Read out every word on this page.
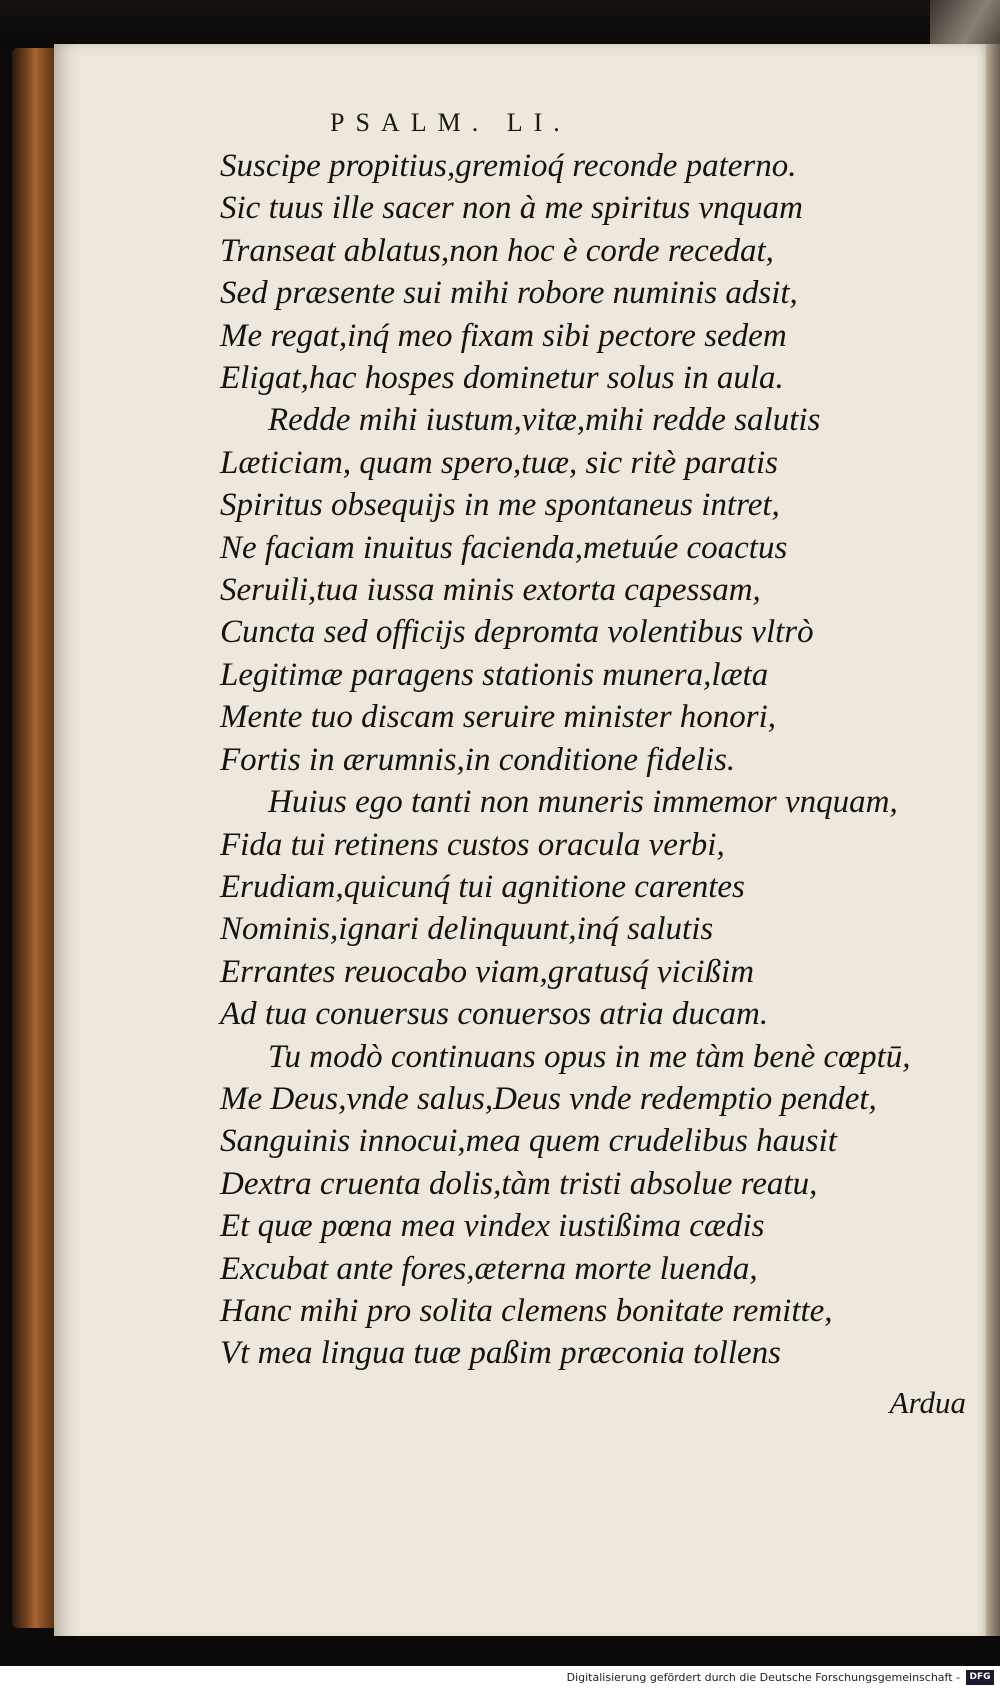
PSALM. LI.
Suscipe propitius,gremioq́ reconde paterno.
Sic tuus ille sacer non à me spiritus vnquam
Transeat ablatus,non hoc è corde recedat,
Sed præsente sui mihi robore numinis adsit,
Me regat,inq́ meo fixam sibi pectore sedem
Eligat,hac hospes dominetur solus in aula.
Redde mihi iustum,vitæ,mihi redde salutis
Læticiam, quam spero,tuæ, sic ritè paratis
Spiritus obsequijs in me spontaneus intret,
Ne faciam inuitus facienda,metuúe coactus
Seruili,tua iussa minis extorta capessam,
Cuncta sed officijs depromta volentibus vltrò
Legitimæ paragens stationis munera,læta
Mente tuo discam seruire minister honori,
Fortis in ærumnis,in conditione fidelis.
Huius ego tanti non muneris immemor vnquam,
Fida tui retinens custos oracula verbi,
Erudiam,quicunq́ tui agnitione carentes
Nominis,ignari delinquunt,inq́ salutis
Errantes reuocabo viam,gratusq́ vicißim
Ad tua conuersus conuersos atria ducam.
Tu modò continuans opus in me tàm benè cœptū,
Me Deus,vnde salus,Deus vnde redemptio pendet,
Sanguinis innocui,mea quem crudelibus hausit
Dextra cruenta dolis,tàm tristi absolue reatu,
Et quæ pœna mea vindex iustißima cædis
Excubat ante fores,æterna morte luenda,
Hanc mihi pro solita clemens bonitate remitte,
Vt mea lingua tuæ paßim præconia tollens
Ardua
Digitalisierung gefördert durch die Deutsche Forschungsgemeinschaft -	DFG
